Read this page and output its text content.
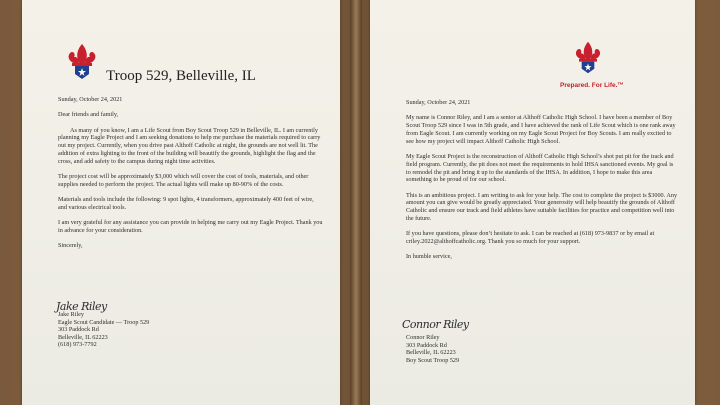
Troop 529, Belleville, IL

Sunday, October 24, 2021

Dear friends and family,

As many of you know, I am a Life Scout from Boy Scout Troop 529 in Belleville, IL. I am currently planning my Eagle Project and I am seeking donations to help me purchase the materials required to carry out my project. Currently, when you drive past Althoff Catholic at night, the grounds are not well lit. The addition of extra lighting to the front of the building will beautify the grounds, highlight the flag and the cross, and add safety to the campus during night time activities.

The project cost will be approximately $3,000 which will cover the cost of tools, materials, and other supplies needed to perform the project. The actual lights will make up 80-90% of the costs.

Materials and tools include the following: 9 spot lights, 4 transformers, approximately 400 feet of wire, and various electrical tools.

I am very grateful for any assistance you can provide in helping me carry out my Eagle Project. Thank you in advance for your consideration.

Sincerely,

Jake Riley
Jake Riley
Eagle Scout Candidate — Troop 529
303 Paddock Rd
Belleville, IL 62223
(618) 973-7792
Prepared. For Life.™

Sunday, October 24, 2021

My name is Connor Riley, and I am a senior at Althoff Catholic High School. I have been a member of Boy Scout Troop 529 since I was in 5th grade, and I have achieved the rank of Life Scout which is one rank away from Eagle Scout. I am currently working on my Eagle Scout Project for Boy Scouts. I am really excited to see how my project will impact Althoff Catholic High School.

My Eagle Scout Project is the reconstruction of Althoff Catholic High School’s shot put pit for the track and field program. Currently, the pit does not meet the requirements to hold IHSA sanctioned events. My goal is to remodel the pit and bring it up to the standards of the IHSA. In addition, I hope to make this area something to be proud of for our school.

This is an ambitious project. I am writing to ask for your help. The cost to complete the project is $3000. Any amount you can give would be greatly appreciated. Your generosity will help beautify the grounds of Althoff Catholic and ensure our track and field athletes have suitable facilities for practice and competition well into the future.

If you have questions, please don’t hesitate to ask. I can be reached at (618) 973-9837 or by email at criley.2022@althoffcatholic.org. Thank you so much for your support.

In humble service,

Connor Riley
Connor Riley
303 Paddock Rd
Belleville, IL 62223
Boy Scout Troop 529
